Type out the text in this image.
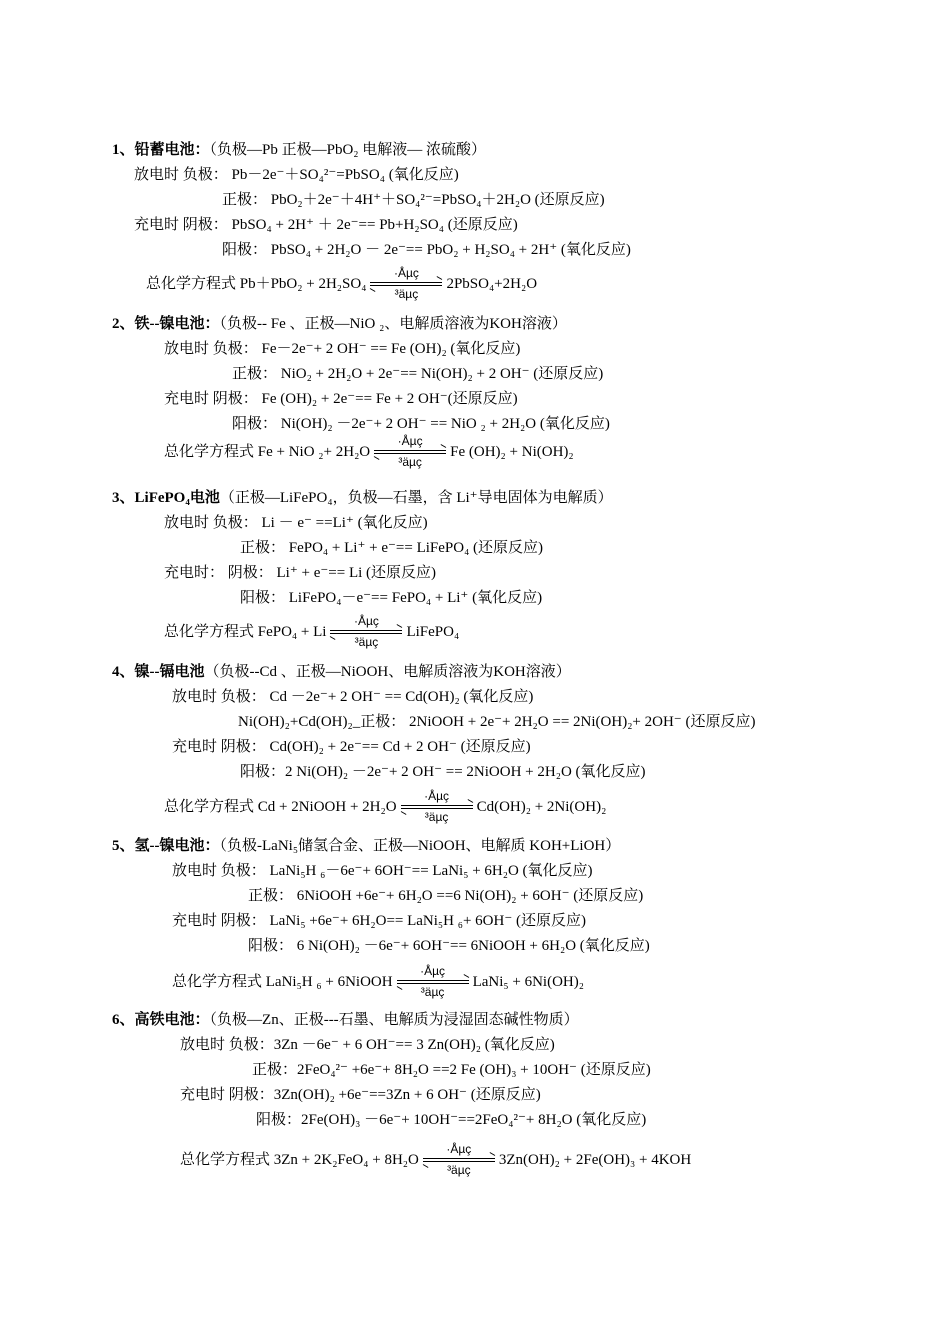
1、铅蓄电池：（负极—Pb 正极—PbO₂ 电解液— 浓硫酸）
放电时 负极： Pb－2e⁻＋SO₄²⁻=PbSO₄ (氧化反应)
正极： PbO₂＋2e⁻＋4H⁺＋SO₄²⁻=PbSO₄＋2H₂O (还原反应)
充电时 阴极： PbSO₄ + 2H⁺ ＋ 2e⁻== Pb+H₂SO₄ (还原反应)
阳极： PbSO₄ + 2H₂O － 2e⁻== PbO₂ + H₂SO₄ + 2H⁺ (氧化反应)
总化学方程式 Pb＋PbO₂ + 2H₂SO₄
·Åµç
³äµç
2PbSO₄+2H₂O
2、铁--镍电池：（负极-- Fe 、正极—NiO ₂、电解质溶液为KOH溶液）
放电时 负极： Fe－2e⁻+ 2 OH⁻ == Fe (OH)₂ (氧化反应)
正极： NiO₂ + 2H₂O + 2e⁻== Ni(OH)₂ + 2 OH⁻ (还原反应)
充电时 阴极： Fe (OH)₂ + 2e⁻== Fe + 2 OH⁻(还原反应)
阳极： Ni(OH)₂ －2e⁻+ 2 OH⁻ == NiO ₂ + 2H₂O (氧化反应)
总化学方程式 Fe + NiO ₂+ 2H₂O
·Åµç
³äµç
Fe (OH)₂ + Ni(OH)₂
3、LiFePO₄电池（正极—LiFePO₄，负极—石墨，含 Li⁺导电固体为电解质）
放电时 负极： Li － e⁻ ==Li⁺ (氧化反应)
正极： FePO₄ + Li⁺ + e⁻== LiFePO₄ (还原反应)
充电时： 阴极： Li⁺ + e⁻== Li (还原反应)
阳极： LiFePO₄－e⁻== FePO₄ + Li⁺ (氧化反应)
总化学方程式 FePO₄ + Li
·Åµç
³äµç
LiFePO₄
4、镍--镉电池（负极--Cd 、正极—NiOOH、电解质溶液为KOH溶液）
放电时 负极： Cd －2e⁻+ 2 OH⁻ == Cd(OH)₂ (氧化反应)
Ni(OH)₂+Cd(OH)₂_正极： 2NiOOH + 2e⁻+ 2H₂O == 2Ni(OH)₂+ 2OH⁻ (还原反应)
充电时 阴极： Cd(OH)₂ + 2e⁻== Cd + 2 OH⁻ (还原反应)
阳极：2 Ni(OH)₂ －2e⁻+ 2 OH⁻ == 2NiOOH + 2H₂O (氧化反应)
总化学方程式 Cd + 2NiOOH + 2H₂O
·Åµç
³äµç
Cd(OH)₂ + 2Ni(OH)₂
5、氢--镍电池：（负极-LaNi₅储氢合金、正极—NiOOH、电解质 KOH+LiOH）
放电时 负极： LaNi₅H ₆－6e⁻+ 6OH⁻== LaNi₅ + 6H₂O (氧化反应)
正极： 6NiOOH +6e⁻+ 6H₂O ==6 Ni(OH)₂ + 6OH⁻ (还原反应)
充电时 阴极： LaNi₅ +6e⁻+ 6H₂O== LaNi₅H ₆+ 6OH⁻ (还原反应)
阳极： 6 Ni(OH)₂ －6e⁻+ 6OH⁻== 6NiOOH + 6H₂O (氧化反应)
总化学方程式 LaNi₅H ₆ + 6NiOOH
·Åµç
³äµç
LaNi₅ + 6Ni(OH)₂
6、高铁电池：（负极—Zn、正极---石墨、电解质为浸湿固态碱性物质）
放电时 负极：3Zn －6e⁻ + 6 OH⁻== 3 Zn(OH)₂ (氧化反应)
正极：2FeO₄²⁻ +6e⁻+ 8H₂O ==2 Fe (OH)₃ + 10OH⁻ (还原反应)
充电时 阴极：3Zn(OH)₂ +6e⁻==3Zn + 6 OH⁻ (还原反应)
阳极：2Fe(OH)₃ －6e⁻+ 10OH⁻==2FeO₄²⁻+ 8H₂O (氧化反应)
总化学方程式 3Zn + 2K₂FeO₄ + 8H₂O
·Åµç
³äµç
3Zn(OH)₂ + 2Fe(OH)₃ + 4KOH
